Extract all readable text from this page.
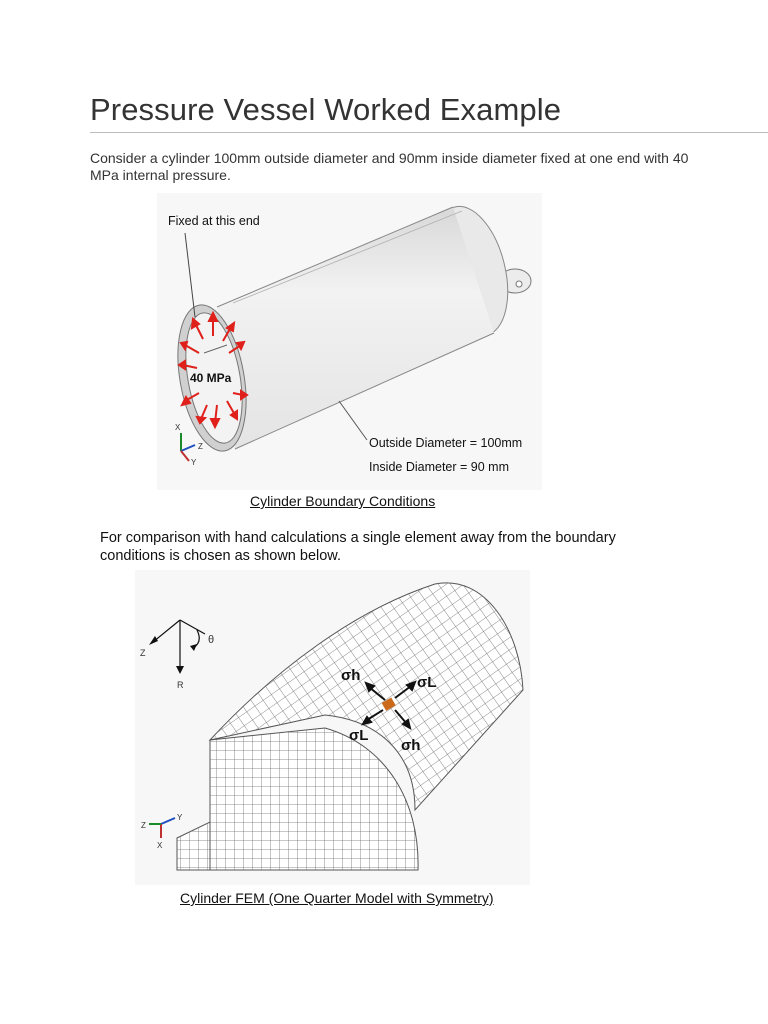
Pressure Vessel Worked Example

Consider a cylinder 100mm outside diameter and 90mm inside diameter fixed at one end with 40 MPa internal pressure.

Fixed at this end
40 MPa
Outside Diameter = 100mm
Inside Diameter = 90 mm
X
Z
Y

Cylinder Boundary Conditions

For comparison with hand calculations a single element away from the boundary conditions is chosen as shown below.

σh	σL
σL
σh
Z
θ
R
Y
Z
X

Cylinder FEM (One Quarter Model with Symmetry)
